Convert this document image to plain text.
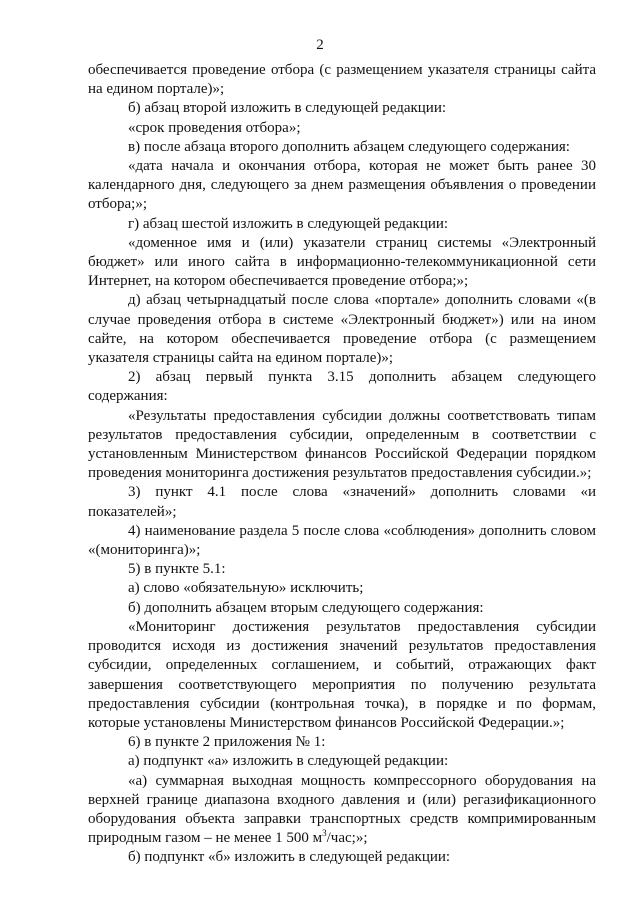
2

обеспечивается проведение отбора (с размещением указателя страницы сайта на едином портале)»;

б) абзац второй изложить в следующей редакции:

«срок проведения отбора»;

в) после абзаца второго дополнить абзацем следующего содержания:

«дата начала и окончания отбора, которая не может быть ранее 30 календарного дня, следующего за днем размещения объявления о проведении отбора;»;

г) абзац шестой изложить в следующей редакции:

«доменное имя и (или) указатели страниц системы «Электронный бюджет» или иного сайта в информационно-телекоммуникационной сети Интернет, на котором обеспечивается проведение отбора;»;

д) абзац четырнадцатый после слова «портале» дополнить словами «(в случае проведения отбора в системе «Электронный бюджет») или на ином сайте, на котором обеспечивается проведение отбора (с размещением указателя страницы сайта на едином портале)»;

2) абзац первый пункта 3.15 дополнить абзацем следующего содержания:

«Результаты предоставления субсидии должны соответствовать типам результатов предоставления субсидии, определенным в соответствии с установленным Министерством финансов Российской Федерации порядком проведения мониторинга достижения результатов предоставления субсидии.»;

3) пункт 4.1 после слова «значений» дополнить словами «и показателей»;

4) наименование раздела 5 после слова «соблюдения» дополнить словом «(мониторинга)»;

5) в пункте 5.1:

а) слово «обязательную» исключить;

б) дополнить абзацем вторым следующего содержания:

«Мониторинг достижения результатов предоставления субсидии проводится исходя из достижения значений результатов предоставления субсидии, определенных соглашением, и событий, отражающих факт завершения соответствующего мероприятия по получению результата предоставления субсидии (контрольная точка), в порядке и по формам, которые установлены Министерством финансов Российской Федерации.»;

6) в пункте 2 приложения № 1:

а) подпункт «а» изложить в следующей редакции:

«а) суммарная выходная мощность компрессорного оборудования на верхней границе диапазона входного давления и (или) регазификационного оборудования объекта заправки транспортных средств компримированным природным газом – не менее 1 500 $м^3$/час;»;

б) подпункт «б» изложить в следующей редакции:
